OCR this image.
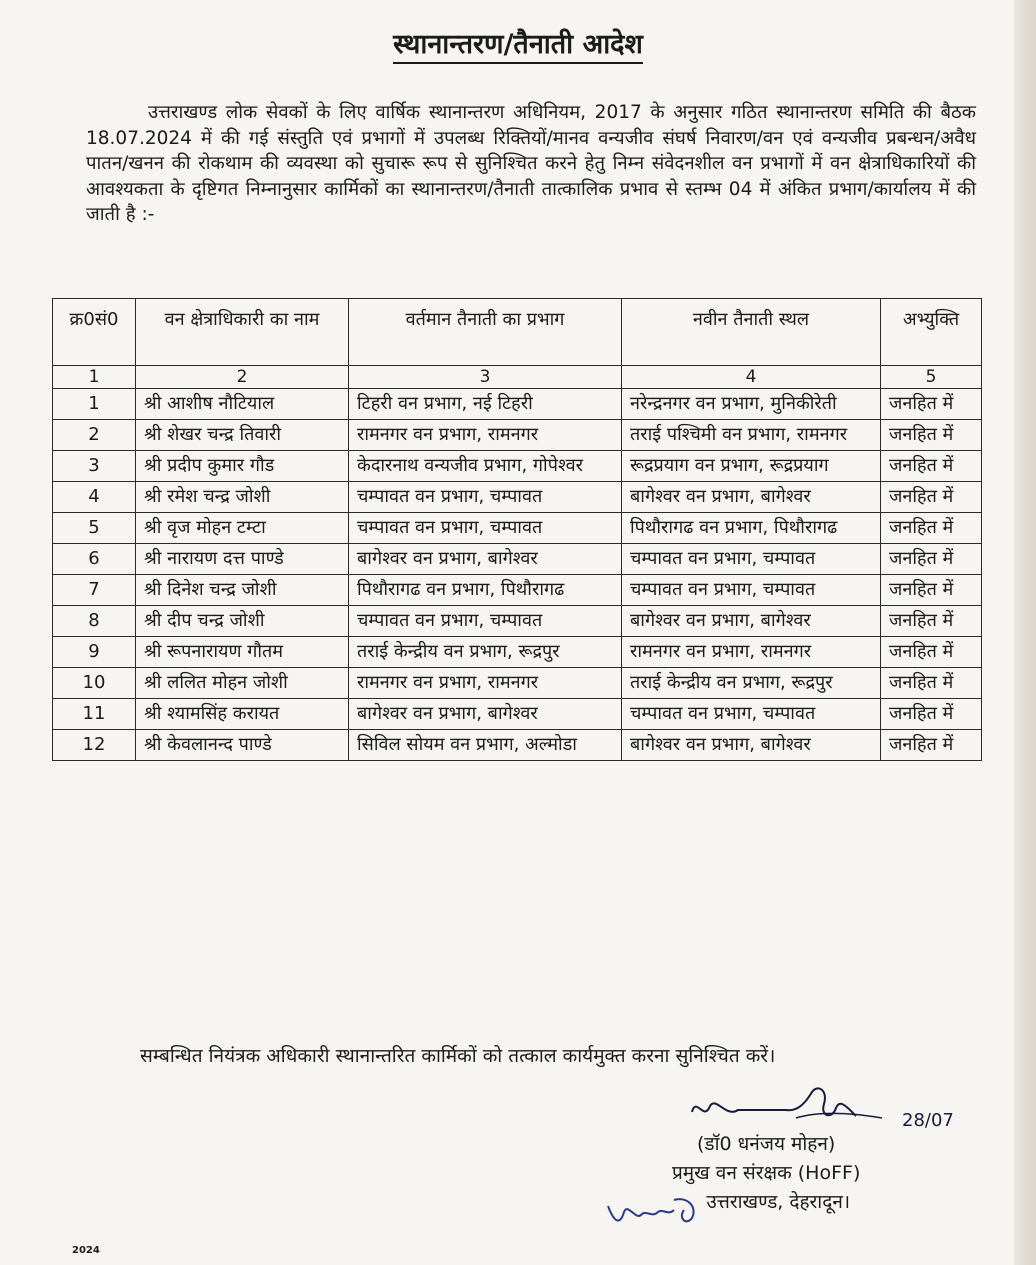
स्थानान्तरण/तैनाती आदेश

उत्तराखण्ड लोक सेवकों के लिए वार्षिक स्थानान्तरण अधिनियम, 2017 के अनुसार गठित स्थानान्तरण समिति की बैठक 18.07.2024 में की गई संस्तुति एवं प्रभागों में उपलब्ध रिक्तियों/मानव वन्यजीव संघर्ष निवारण/वन एवं वन्यजीव प्रबन्धन/अवैध पातन/खनन की रोकथाम की व्यवस्था को सुचारू रूप से सुनिश्चित करने हेतु निम्न संवेदनशील वन प्रभागों में वन क्षेत्राधिकारियों की आवश्यकता के दृष्टिगत निम्नानुसार कार्मिकों का स्थानान्तरण/तैनाती तात्कालिक प्रभाव से स्तम्भ 04 में अंकित प्रभाग/कार्यालय में की जाती है :-

क्र0सं0	वन क्षेत्राधिकारी का नाम	वर्तमान तैनाती का प्रभाग	नवीन तैनाती स्थल	अभ्युक्ति
1	2	3	4	5
1	श्री आशीष नौटियाल	टिहरी वन प्रभाग, नई टिहरी	नरेन्द्रनगर वन प्रभाग, मुनिकीरेती	जनहित में
2	श्री शेखर चन्द्र तिवारी	रामनगर वन प्रभाग, रामनगर	तराई पश्चिमी वन प्रभाग, रामनगर	जनहित में
3	श्री प्रदीप कुमार गौड	केदारनाथ वन्यजीव प्रभाग, गोपेश्वर	रूद्रप्रयाग वन प्रभाग, रूद्रप्रयाग	जनहित में
4	श्री रमेश चन्द्र जोशी	चम्पावत वन प्रभाग, चम्पावत	बागेश्वर वन प्रभाग, बागेश्वर	जनहित में
5	श्री वृज मोहन टम्टा	चम्पावत वन प्रभाग, चम्पावत	पिथौरागढ वन प्रभाग, पिथौरागढ	जनहित में
6	श्री नारायण दत्त पाण्डे	बागेश्वर वन प्रभाग, बागेश्वर	चम्पावत वन प्रभाग, चम्पावत	जनहित में
7	श्री दिनेश चन्द्र जोशी	पिथौरागढ वन प्रभाग, पिथौरागढ	चम्पावत वन प्रभाग, चम्पावत	जनहित में
8	श्री दीप चन्द्र जोशी	चम्पावत वन प्रभाग, चम्पावत	बागेश्वर वन प्रभाग, बागेश्वर	जनहित में
9	श्री रूपनारायण गौतम	तराई केन्द्रीय वन प्रभाग, रूद्रपुर	रामनगर वन प्रभाग, रामनगर	जनहित में
10	श्री ललित मोहन जोशी	रामनगर वन प्रभाग, रामनगर	तराई केन्द्रीय वन प्रभाग, रूद्रपुर	जनहित में
11	श्री श्यामसिंह करायत	बागेश्वर वन प्रभाग, बागेश्वर	चम्पावत वन प्रभाग, चम्पावत	जनहित में
12	श्री केवलानन्द पाण्डे	सिविल सोयम वन प्रभाग, अल्मोडा	बागेश्वर वन प्रभाग, बागेश्वर	जनहित में
सम्बन्धित नियंत्रक अधिकारी स्थानान्तरित कार्मिकों को तत्काल कार्यमुक्त करना सुनिश्चित करें।
28/07
(डॉ0 धनंजय मोहन)
प्रमुख वन संरक्षक (HoFF)
उत्तराखण्ड, देहरादून।
2024
